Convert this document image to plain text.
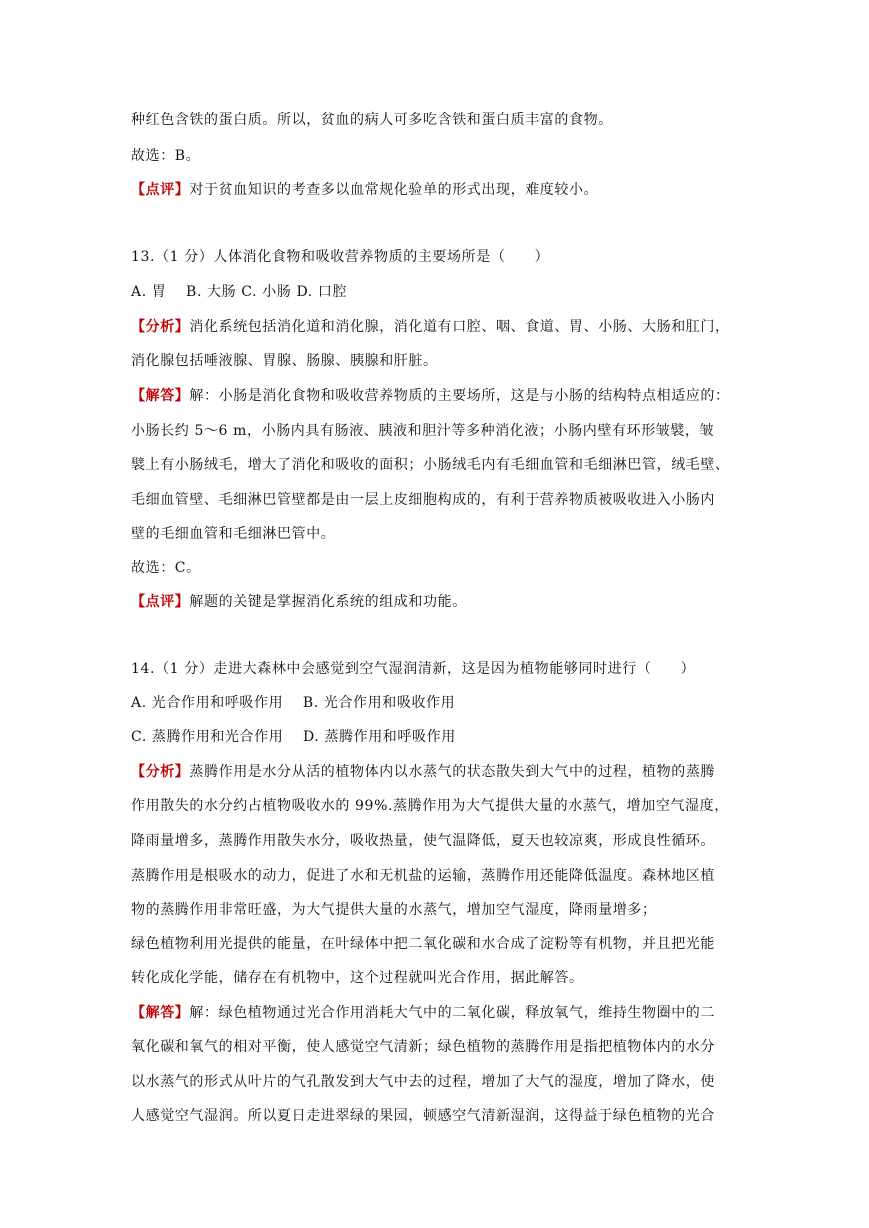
种红色含铁的蛋白质。所以，贫血的病人可多吃含铁和蛋白质丰富的食物。
故选：B。
【点评】对于贫血知识的考查多以血常规化验单的形式出现，难度较小。
13.（1 分）人体消化食物和吸收营养物质的主要场所是（　　）
A. 胃　 B. 大肠 C. 小肠 D. 口腔
【分析】消化系统包括消化道和消化腺，消化道有口腔、咽、食道、胃、小肠、大肠和肛门，
消化腺包括唾液腺、胃腺、肠腺、胰腺和肝脏。
【解答】解：小肠是消化食物和吸收营养物质的主要场所，这是与小肠的结构特点相适应的：
小肠长约 5～6 m，小肠内具有肠液、胰液和胆汁等多种消化液；小肠内壁有环形皱襞，皱
襞上有小肠绒毛，增大了消化和吸收的面积；小肠绒毛内有毛细血管和毛细淋巴管，绒毛壁、
毛细血管壁、毛细淋巴管壁都是由一层上皮细胞构成的，有利于营养物质被吸收进入小肠内
壁的毛细血管和毛细淋巴管中。
故选：C。
【点评】解题的关键是掌握消化系统的组成和功能。
14.（1 分）走进大森林中会感觉到空气湿润清新，这是因为植物能够同时进行（　　）
A. 光合作用和呼吸作用　 B. 光合作用和吸收作用
C. 蒸腾作用和光合作用　 D. 蒸腾作用和呼吸作用
【分析】蒸腾作用是水分从活的植物体内以水蒸气的状态散失到大气中的过程，植物的蒸腾
作用散失的水分约占植物吸收水的 99%.蒸腾作用为大气提供大量的水蒸气，增加空气湿度，
降雨量增多，蒸腾作用散失水分，吸收热量，使气温降低，夏天也较凉爽，形成良性循环。
蒸腾作用是根吸水的动力，促进了水和无机盐的运输，蒸腾作用还能降低温度。森林地区植
物的蒸腾作用非常旺盛，为大气提供大量的水蒸气，增加空气湿度，降雨量增多；
绿色植物利用光提供的能量，在叶绿体中把二氧化碳和水合成了淀粉等有机物，并且把光能
转化成化学能，储存在有机物中，这个过程就叫光合作用，据此解答。
【解答】解：绿色植物通过光合作用消耗大气中的二氧化碳，释放氧气，维持生物圈中的二
氧化碳和氧气的相对平衡，使人感觉空气清新；绿色植物的蒸腾作用是指把植物体内的水分
以水蒸气的形式从叶片的气孔散发到大气中去的过程，增加了大气的湿度，增加了降水，使
人感觉空气湿润。所以夏日走进翠绿的果园，顿感空气清新湿润，这得益于绿色植物的光合
